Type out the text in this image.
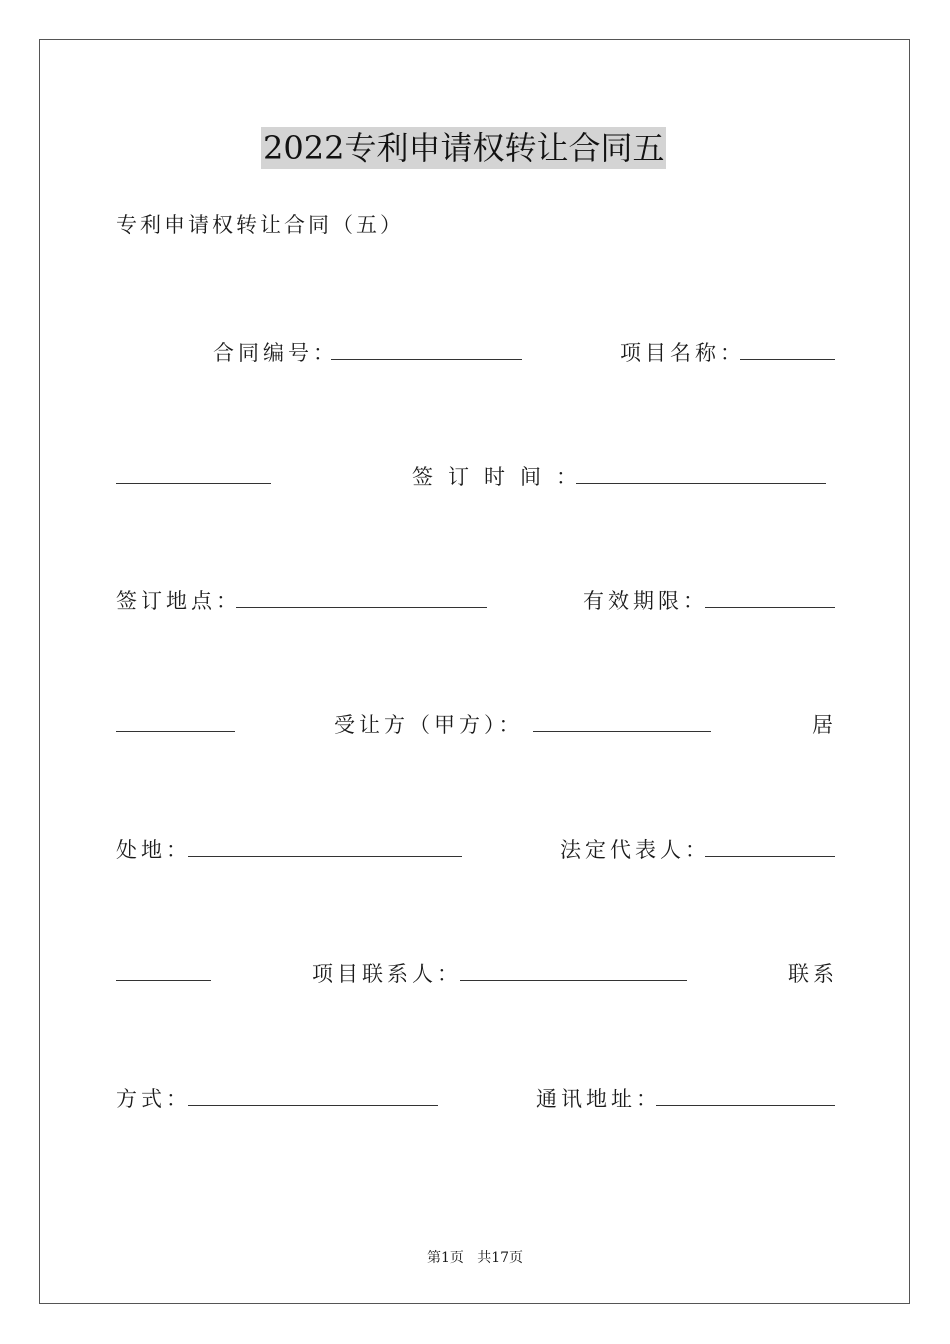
2022专利申请权转让合同五
专利申请权转让合同（五）
合同编号：	项目名称：
签订时间：
签订地点：	有效期限：
受让方（甲方）：	居
处地：	法定代表人：
项目联系人：	联系
方式：	通讯地址：
第1页   共17页
